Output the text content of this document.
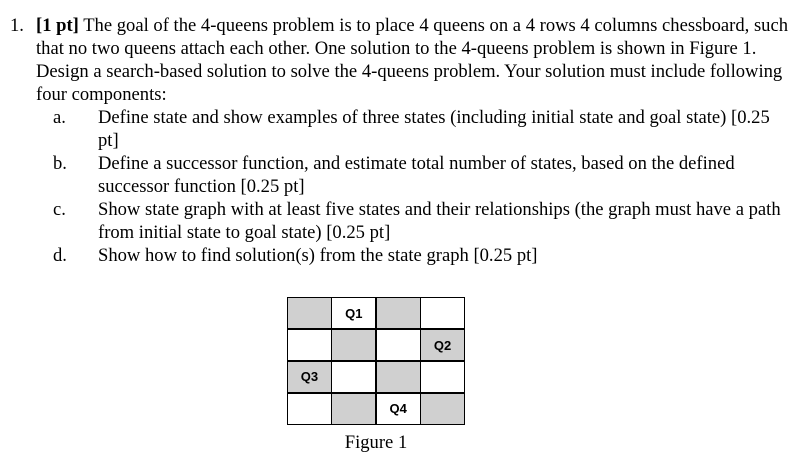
1. [1 pt] The goal of the 4-queens problem is to place 4 queens on a 4 rows 4 columns chessboard, such that no two queens attach each other. One solution to the 4-queens problem is shown in Figure 1. Design a search-based solution to solve the 4-queens problem. Your solution must include following four components:
a.	Define state and show examples of three states (including initial state and goal state) [0.25 pt]
b.	Define a successor function, and estimate total number of states, based on the defined successor function [0.25 pt]
c.	Show state graph with at least five states and their relationships (the graph must have a path from initial state to goal state) [0.25 pt]
d.	Show how to find solution(s) from the state graph [0.25 pt]
Q1
Q2
Q3
Q4
Figure 1
